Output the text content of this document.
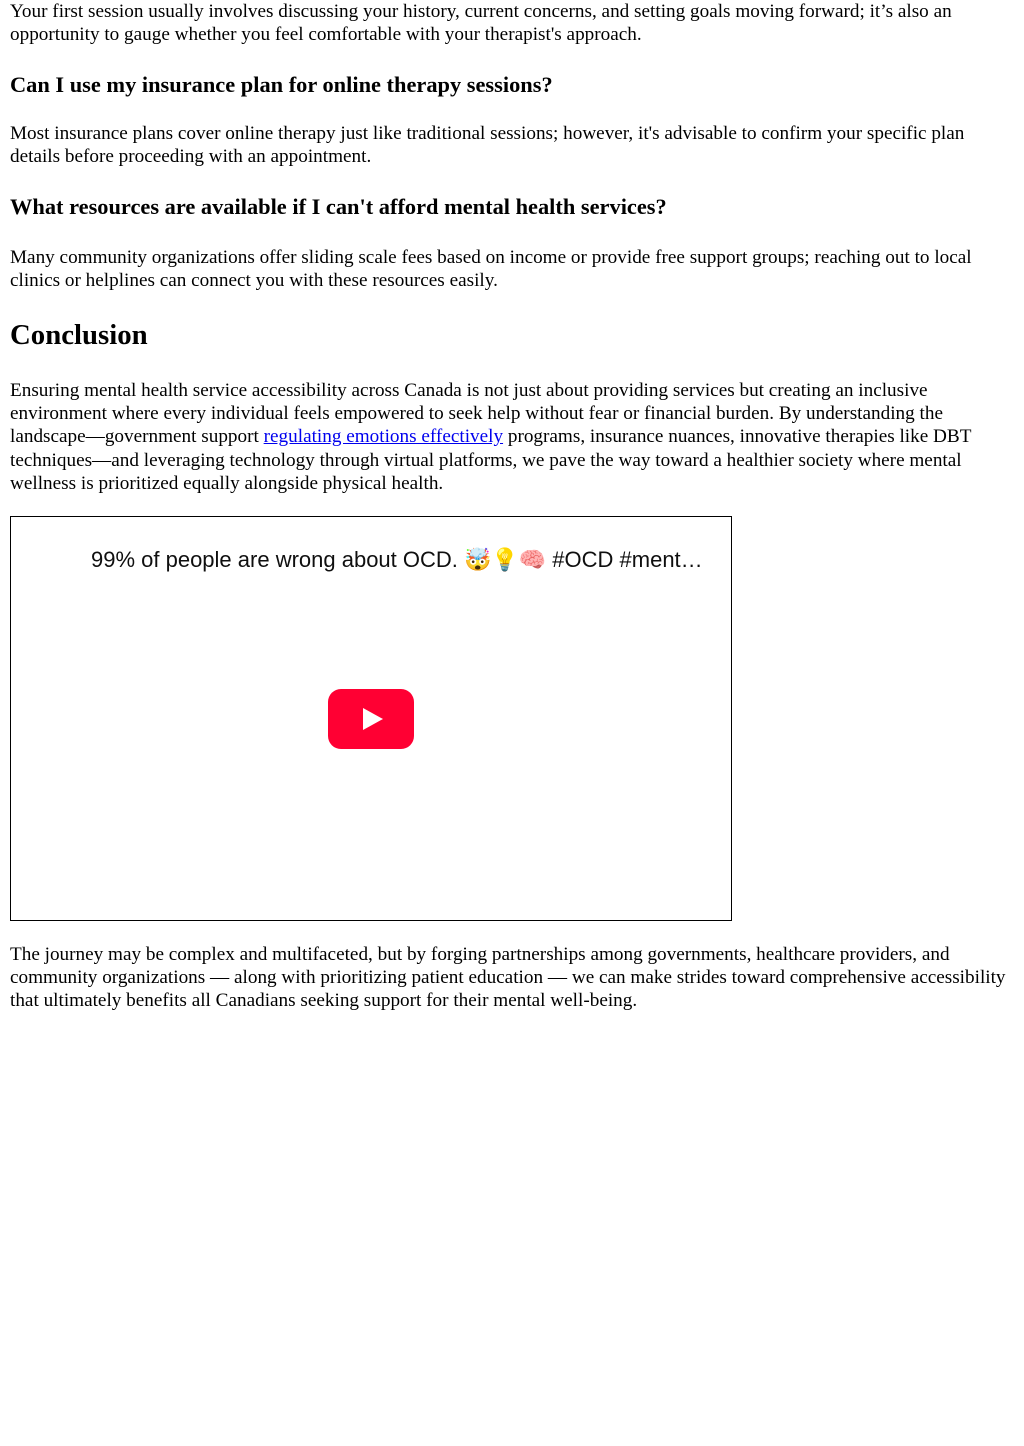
Your first session usually involves discussing your history, current concerns, and setting goals moving forward; it’s also an opportunity to gauge whether you feel comfortable with your therapist's approach.

Can I use my insurance plan for online therapy sessions?

Most insurance plans cover online therapy just like traditional sessions; however, it's advisable to confirm your specific plan details before proceeding with an appointment.

What resources are available if I can't afford mental health services?

Many community organizations offer sliding scale fees based on income or provide free support groups; reaching out to local clinics or helplines can connect you with these resources easily.

Conclusion

Ensuring mental health service accessibility across Canada is not just about providing services but creating an inclusive environment where every individual feels empowered to seek help without fear or financial burden. By understanding the landscape—government support regulating emotions effectively programs, insurance nuances, innovative therapies like DBT techniques—and leveraging technology through virtual platforms, we pave the way toward a healthier society where mental wellness is prioritized equally alongside physical health.

99% of people are wrong about OCD. 🤯💡🧠 #OCD #ment…

The journey may be complex and multifaceted, but by forging partnerships among governments, healthcare providers, and community organizations — along with prioritizing patient education — we can make strides toward comprehensive accessibility that ultimately benefits all Canadians seeking support for their mental well-being.
